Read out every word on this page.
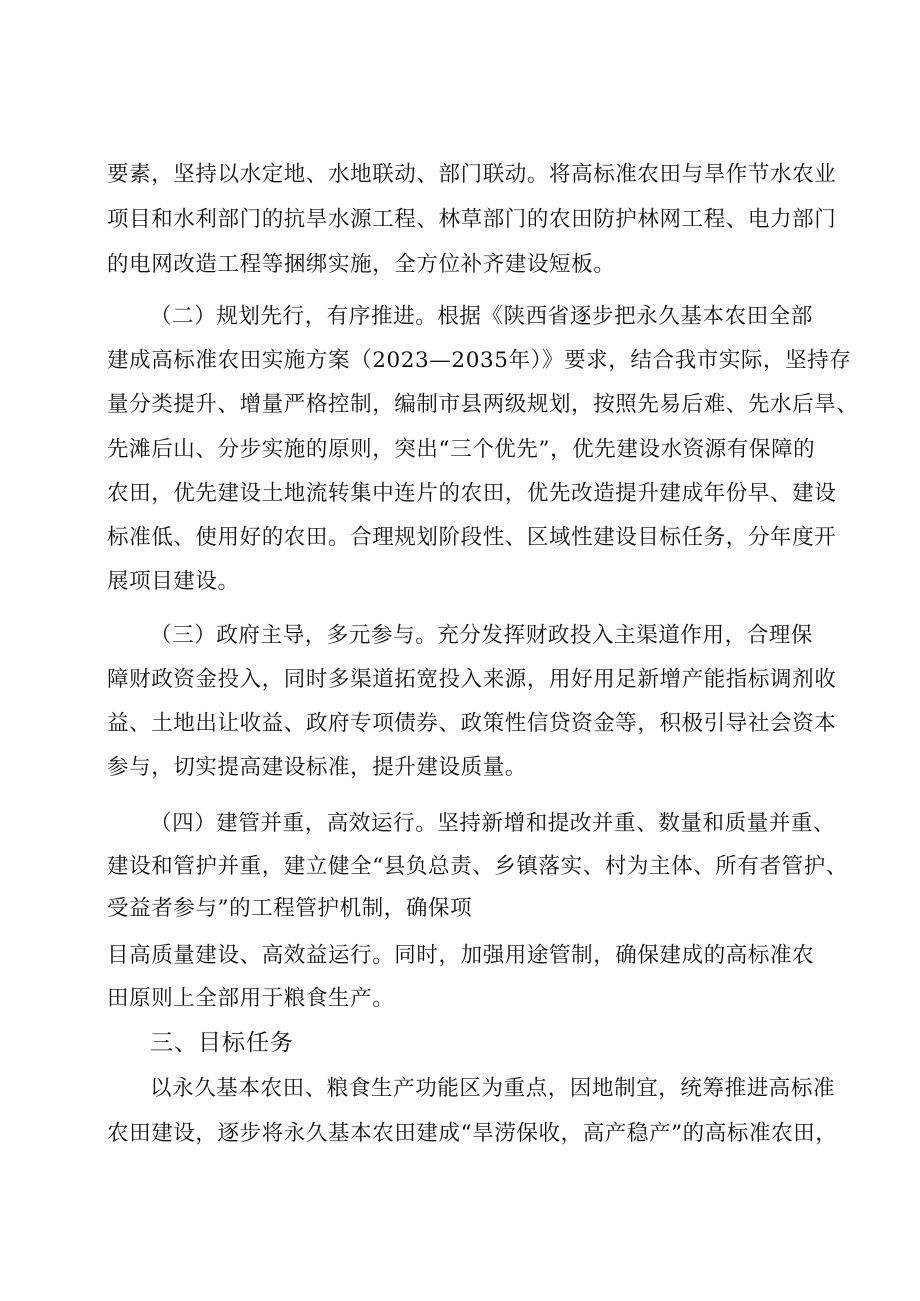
要素，坚持以水定地、水地联动、部门联动。将高标准农田与旱作节水农业
项目和水利部门的抗旱水源工程、林草部门的农田防护林网工程、电力部门
的电网改造工程等捆绑实施，全方位补齐建设短板。
（二）规划先行，有序推进。根据《陕西省逐步把永久基本农田全部
建成高标准农田实施方案（2023—2035年）》要求，结合我市实际，坚持存
量分类提升、增量严格控制，编制市县两级规划，按照先易后难、先水后旱、
先滩后山、分步实施的原则，突出“三个优先”，优先建设水资源有保障的
农田，优先建设土地流转集中连片的农田，优先改造提升建成年份早、建设
标准低、使用好的农田。合理规划阶段性、区域性建设目标任务，分年度开
展项目建设。
（三）政府主导，多元参与。充分发挥财政投入主渠道作用，合理保
障财政资金投入，同时多渠道拓宽投入来源，用好用足新增产能指标调剂收
益、土地出让收益、政府专项债券、政策性信贷资金等，积极引导社会资本
参与，切实提高建设标准，提升建设质量。
（四）建管并重，高效运行。坚持新增和提改并重、数量和质量并重、
建设和管护并重，建立健全“县负总责、乡镇落实、村为主体、所有者管护、
受益者参与”的工程管护机制，确保项
目高质量建设、高效益运行。同时，加强用途管制，确保建成的高标准农
田原则上全部用于粮食生产。
三、目标任务
以永久基本农田、粮食生产功能区为重点，因地制宜，统筹推进高标准
农田建设，逐步将永久基本农田建成“旱涝保收，高产稳产”的高标准农田，
